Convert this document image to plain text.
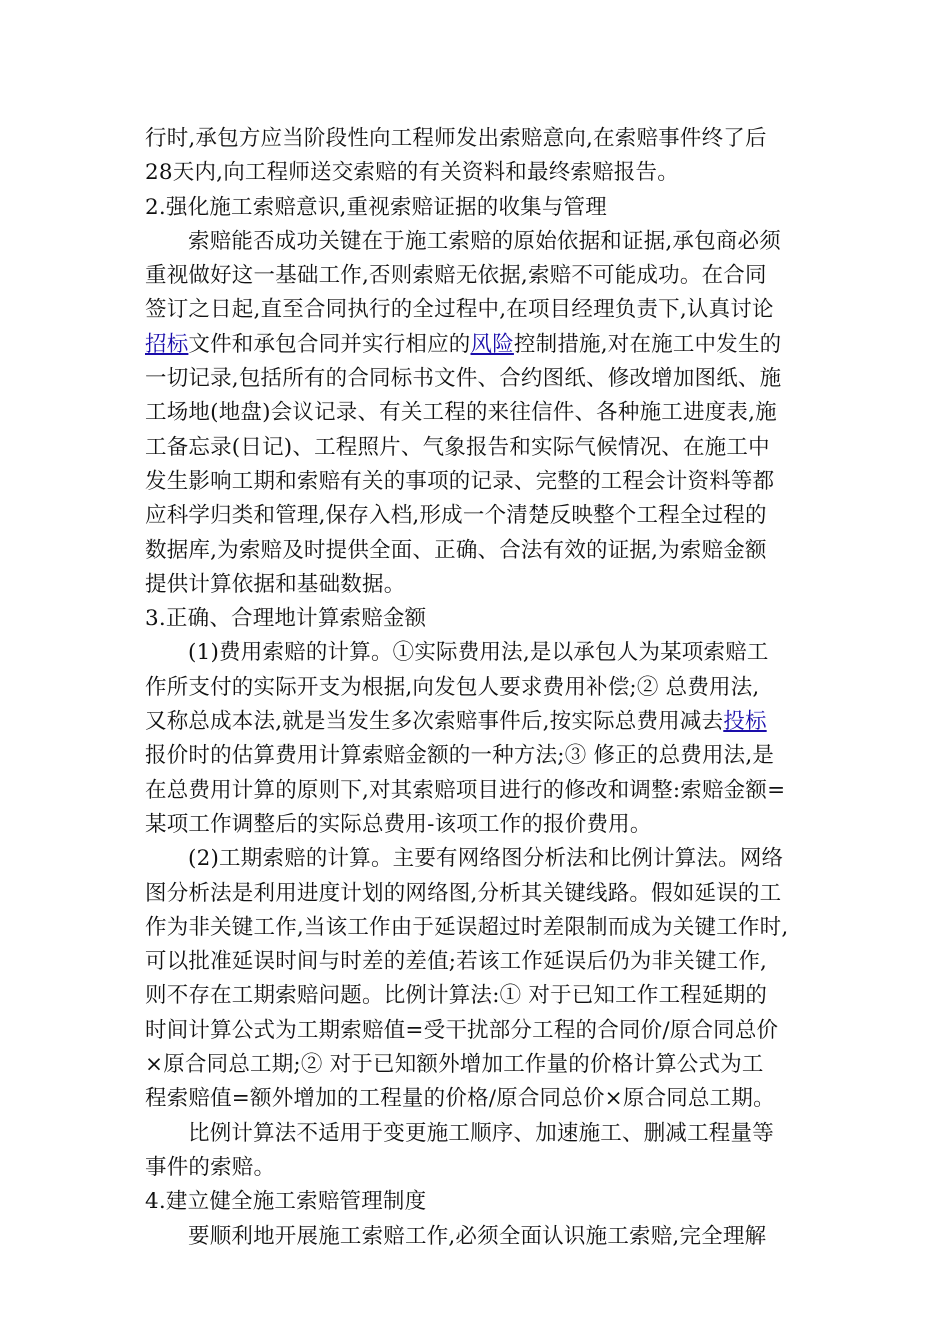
行时,承包方应当阶段性向工程师发出索赔意向,在索赔事件终了后
28天内,向工程师送交索赔的有关资料和最终索赔报告。
2.强化施工索赔意识,重视索赔证据的收集与管理
索赔能否成功关键在于施工索赔的原始依据和证据,承包商必须
重视做好这一基础工作,否则索赔无依据,索赔不可能成功。在合同
签订之日起,直至合同执行的全过程中,在项目经理负责下,认真讨论
招标文件和承包合同并实行相应的风险控制措施,对在施工中发生的
一切记录,包括所有的合同标书文件、合约图纸、修改增加图纸、施
工场地(地盘)会议记录、有关工程的来往信件、各种施工进度表,施
工备忘录(日记)、工程照片、气象报告和实际气候情况、在施工中
发生影响工期和索赔有关的事项的记录、完整的工程会计资料等都
应科学归类和管理,保存入档,形成一个清楚反映整个工程全过程的
数据库,为索赔及时提供全面、正确、合法有效的证据,为索赔金额
提供计算依据和基础数据。
3.正确、合理地计算索赔金额
(1)费用索赔的计算。①实际费用法,是以承包人为某项索赔工
作所支付的实际开支为根据,向发包人要求费用补偿;② 总费用法,
又称总成本法,就是当发生多次索赔事件后,按实际总费用减去投标
报价时的估算费用计算索赔金额的一种方法;③ 修正的总费用法,是
在总费用计算的原则下,对其索赔项目进行的修改和调整:索赔金额=
某项工作调整后的实际总费用-该项工作的报价费用。
(2)工期索赔的计算。主要有网络图分析法和比例计算法。网络
图分析法是利用进度计划的网络图,分析其关键线路。假如延误的工
作为非关键工作,当该工作由于延误超过时差限制而成为关键工作时,
可以批准延误时间与时差的差值;若该工作延误后仍为非关键工作,
则不存在工期索赔问题。比例计算法:① 对于已知工作工程延期的
时间计算公式为工期索赔值=受干扰部分工程的合同价/原合同总价
×原合同总工期;② 对于已知额外增加工作量的价格计算公式为工
程索赔值=额外增加的工程量的价格/原合同总价×原合同总工期。
比例计算法不适用于变更施工顺序、加速施工、删减工程量等
事件的索赔。
4.建立健全施工索赔管理制度
要顺利地开展施工索赔工作,必须全面认识施工索赔,完全理解
